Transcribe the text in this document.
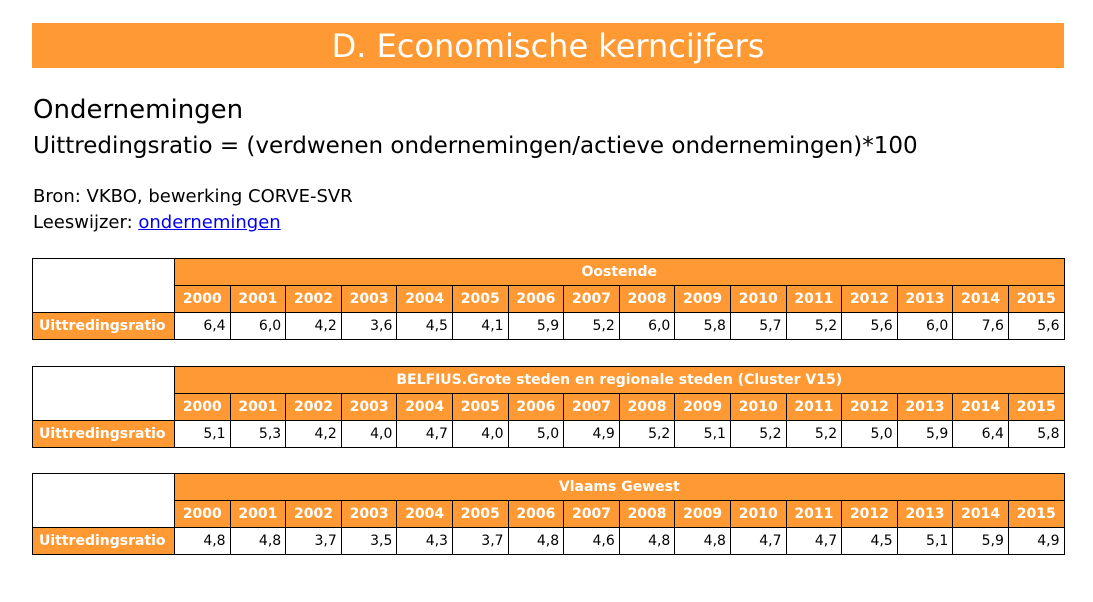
D. Economische kerncijfers
Ondernemingen
Uittredingsratio = (verdwenen ondernemingen/actieve ondernemingen)*100
Bron: VKBO, bewerking CORVE-SVR
Leeswijzer: ondernemingen
	Oostende															
	2000	2001	2002	2003	2004	2005	2006	2007	2008	2009	2010	2011	2012	2013	2014	2015
Uittredingsratio	6,4	6,0	4,2	3,6	4,5	4,1	5,9	5,2	6,0	5,8	5,7	5,2	5,6	6,0	7,6	5,6
	BELFIUS.Grote steden en regionale steden (Cluster V15)															
	2000	2001	2002	2003	2004	2005	2006	2007	2008	2009	2010	2011	2012	2013	2014	2015
Uittredingsratio	5,1	5,3	4,2	4,0	4,7	4,0	5,0	4,9	5,2	5,1	5,2	5,2	5,0	5,9	6,4	5,8
	Vlaams Gewest															
	2000	2001	2002	2003	2004	2005	2006	2007	2008	2009	2010	2011	2012	2013	2014	2015
Uittredingsratio	4,8	4,8	3,7	3,5	4,3	3,7	4,8	4,6	4,8	4,8	4,7	4,7	4,5	5,1	5,9	4,9
